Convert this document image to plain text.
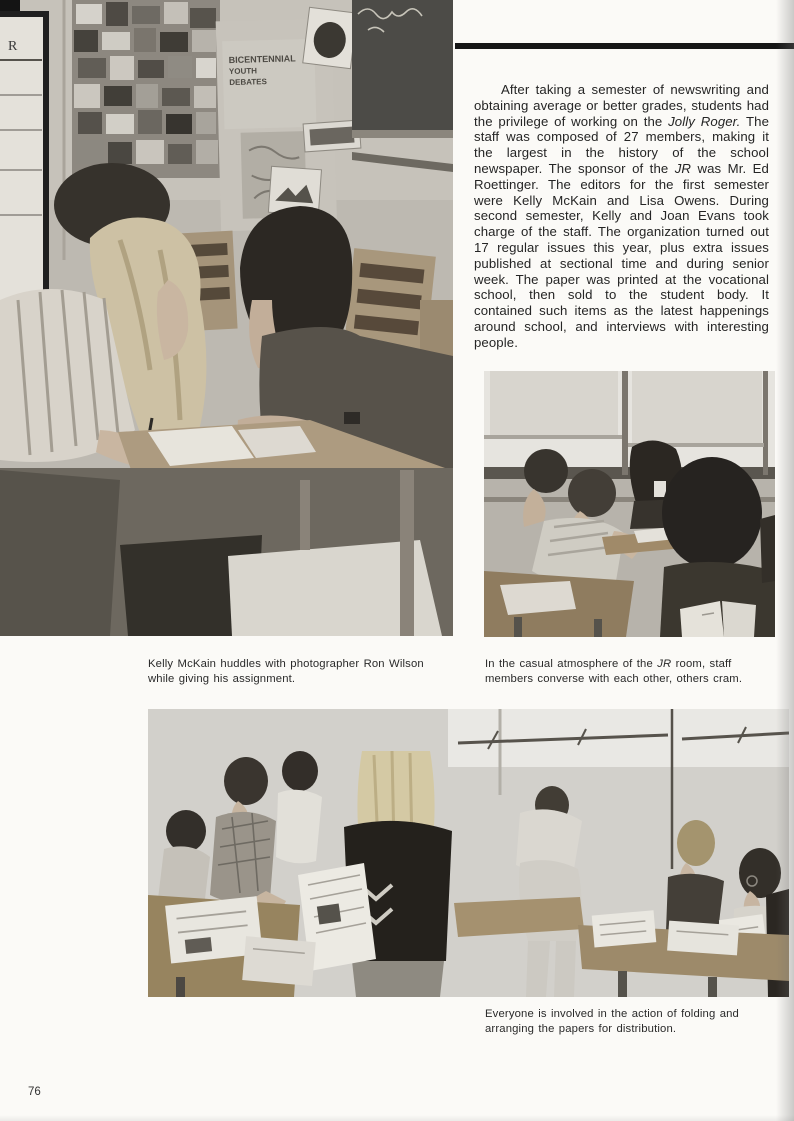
R
BICENTENNIAL
YOUTH
DEBATES	After taking a semester of newswriting and obtaining average or better grades, students had the privilege of working on the Jolly Roger. The staff was composed of 27 members, making it the largest in the history of the school newspaper. The sponsor of the JR was Mr. Ed Roettinger. The editors for the first semester were Kelly McKain and Lisa Owens. During second semester, Kelly and Joan Evans took charge of the staff. The organization turned out 17 regular issues this year, plus extra issues published at sectional time and during senior week. The paper was printed at the vocational school, then sold to the student body. It contained such items as the latest happenings around school, and interviews with interesting people.

Kelly McKain huddles with photographer Ron Wilson while giving his assignment.
In the casual atmosphere of the JR room, staff members converse with each other, others cram.
Everyone is involved in the action of folding and arranging the papers for distribution.
76
